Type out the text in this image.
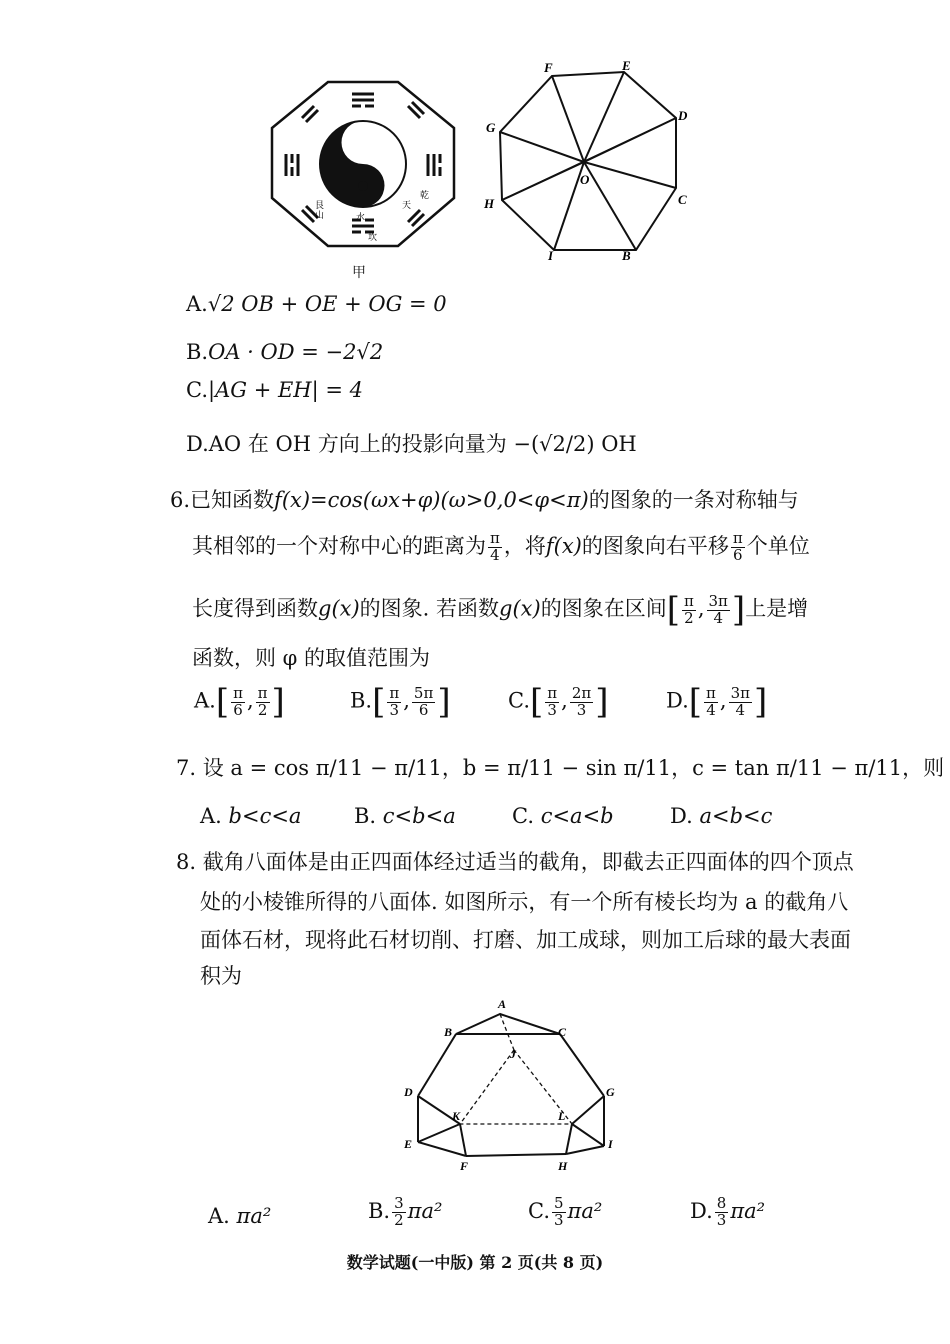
艮
山	水
坎
天
乾
甲
F	E
D
C
B
I
H
G
O
A.√2 OB + OE + OG = 0
B.OA · OD = −2√2
C.|AG + EH| = 4
D.AO 在 OH 方向上的投影向量为 −(√2/2) OH
6.已知函数f(x)=cos(ωx+φ)(ω>0,0<φ<π)的图象的一条对称轴与
其相邻的一个对称中心的距离为 $\frac{\pi}{4}$ ，将f(x)的图象向右平移 $\frac{\pi}{6}$ 个单位
长度得到函数g(x)的图象. 若函数g(x)的图象在区间[ $\frac{\pi}{2}$ , $\frac{3\pi}{4}$ ]上是增
函数，则 φ 的取值范围为
$A.[ \frac{\pi}{6}$ , $\frac{\pi}{2}$ ]	$B.[ \frac{\pi}{3}$ , $\frac{5\pi}{6}$ ]	$C.[ \frac{\pi}{3}$ , $\frac{2\pi}{3}$ ]	$D.[ \frac{\pi}{4}$ , $\frac{3\pi}{4}$ ]
7. 设 a = cos π/11 − π/11，b = π/11 − sin π/11，c = tan π/11 − π/11，则
A. b<c<a	B. c<b<a	C. c<a<b	D. a<b<c
8. 截角八面体是由正四面体经过适当的截角，即截去正四面体的四个顶点
处的小棱锥所得的八面体. 如图所示，有一个所有棱长均为 a 的截角八
面体石材，现将此石材切削、打磨、加工成球，则加工后球的最大表面
积为
A
B	C
J
D	G
K	L
E	I
F	H
A. πa²	B. $\frac{3}{2} \pi a^2$	C. $\frac{5}{3} \pi a^2$	D. $\frac{8}{3} \pi a^2$
数学试题(一中版) 第 2 页(共 8 页)
